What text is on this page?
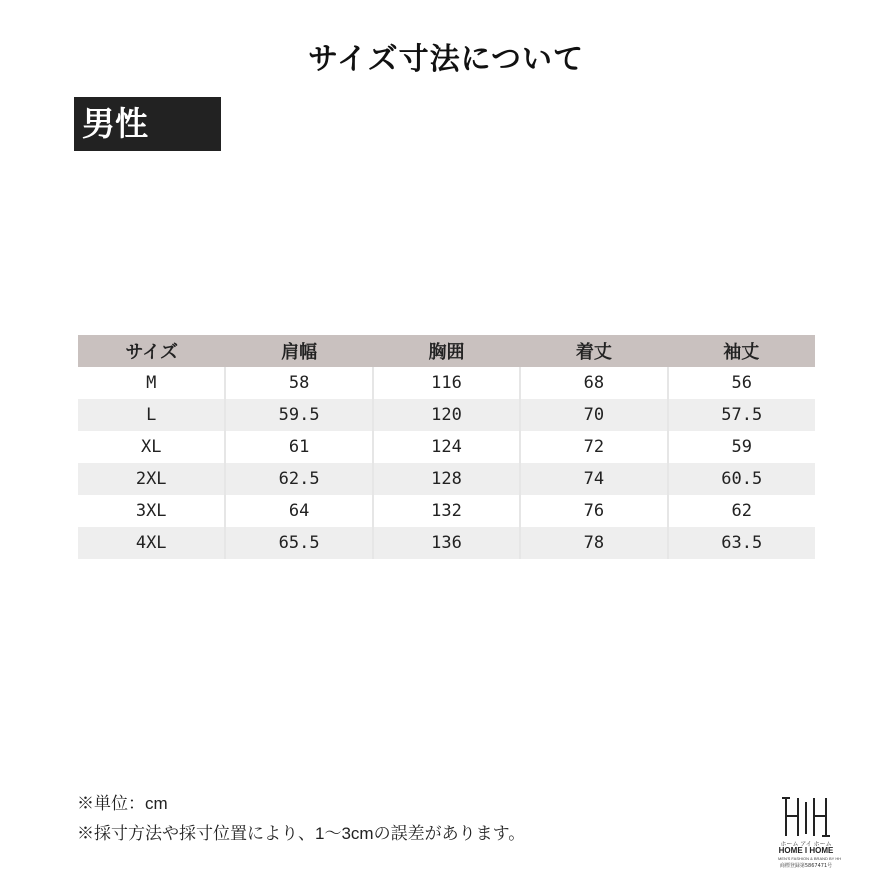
サイズ寸法について
男性
サイズ	肩幅	胸囲	着丈	袖丈
M	58	116	68	56
L	59.5	120	70	57.5
XL	61	124	72	59
2XL	62.5	128	74	60.5
3XL	64	132	76	62
4XL	65.5	136	78	63.5
※単位：cm
※採寸方法や採寸位置により、1～3cmの誤差があります。
ホーム アイ ホーム
HOME I HOME
MEN'S FASHION & BRAND BY HH
商標登録第5867471号
